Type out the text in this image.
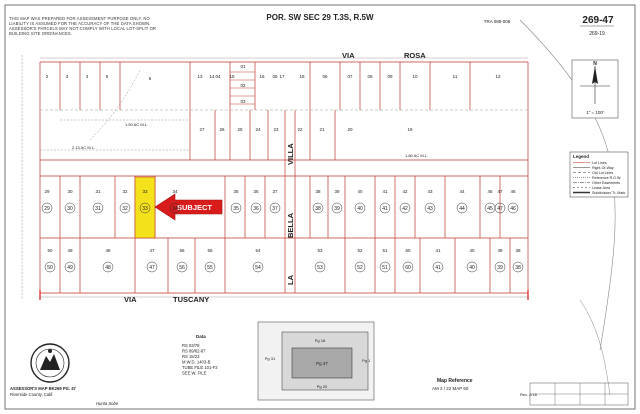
THIS MAP WAS PREPARED FOR ASSESSMENT PURPOSE ONLY. NO LIABILITY IS ASSUMED FOR THE ACCURACY OF THE DATA SHOWN. ASSESSOR'S PARCELS MAY NOT COMPLY WITH LOCAL LOT-SPLIT OR BUILDING SITE ORDINANCES.
POR. SW SEC 29 T.3S, R.5W	TRA 088-006	269-47
269-19
SUBJECT
VIA	ROSA
VIA	TUSCANY
VILLA
BELLA
LA
1.50 AC M.L.
2.13 AC M.L.
1.80 AC M.L.
2	3	4	5	6
01
02
03
04	05	06	07	08	09	10	11	12
13 14	15	16	17	18
27	26	25	24	23	22	21	20	19
29
29
30
30
31
31
32
32
33
33
34
34
35
35
36
36
37
37
38
38
39
39
40
40
41
41
42
42
43
43
44
44
45
45
46
46
47
47
50
50
49
49
48
48
47
47
56
56
55
55
54
54
53
53
52
52
51
51
60
60
41
41
40
40
39
39
38
38
N
1" = 100'
Legend
Lot Lines
Right-Of-Way
Old Lot Lines
Reference R.O.W.
Other Easements
Lease Area
Subdivision/ Tr. Mark
Data
RS 53/78
RS 89/82-87
RS 15/23
M.W.D. 1403-B
TUBE FILE 101-F2
SEE W. FILE
Pg 18
Pg 47
Pg 20
Pg 31	Pg 1
ASSESSOR'S MAP BK269 PG. 47
Riverside County, Calif.
Hunta Sobe
Map Reference
AM 2 / 22 MAP 60
Rev. 2/18
